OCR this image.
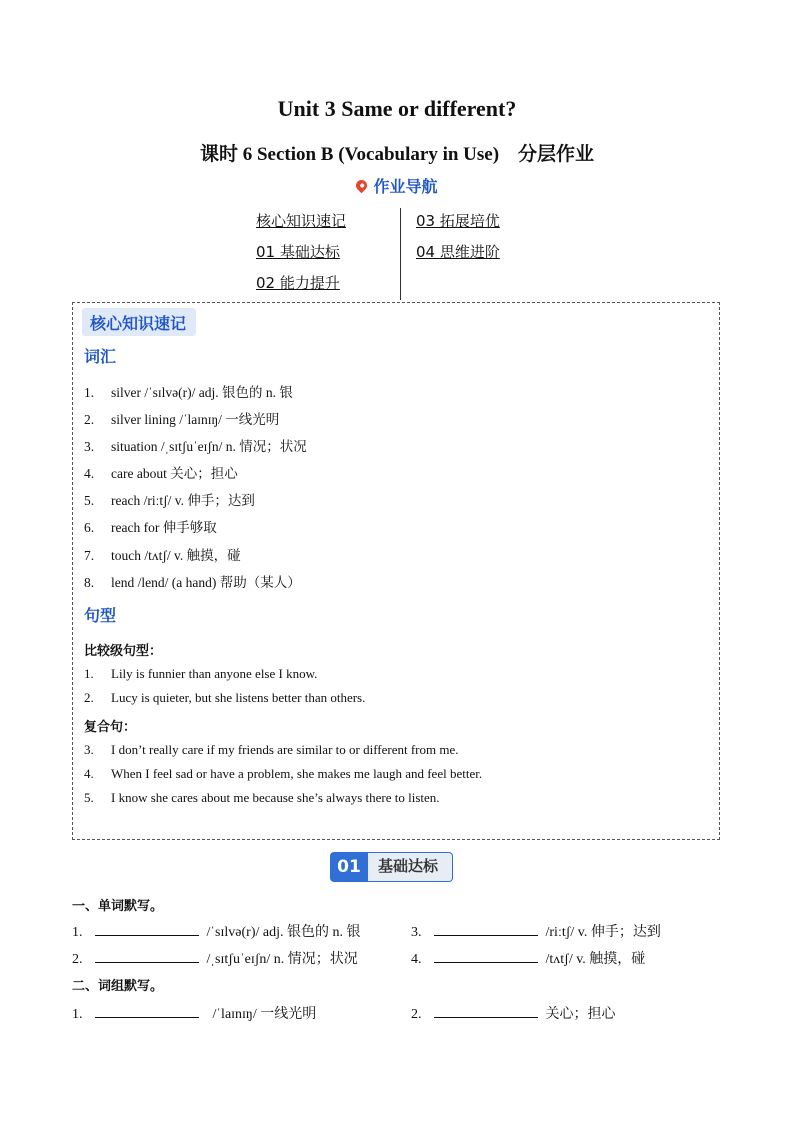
Unit 3 Same or different?
课时 6 Section B (Vocabulary in Use)　分层作业
作业导航
核心知识速记
01 基础达标
02 能力提升
03 拓展培优
04 思维进阶
核心知识速记
词汇
1. silver /ˈsɪlvə(r)/ adj. 银色的 n. 银
2. silver lining /ˈlaɪnɪŋ/ 一线光明
3. situation /ˌsɪtʃuˈeɪʃn/ n. 情况；状况
4. care about 关心；担心
5. reach /riːtʃ/ v. 伸手；达到
6. reach for 伸手够取
7. touch /tʌtʃ/ v. 触摸，碰
8. lend /lend/ (a hand) 帮助（某人）
句型
比较级句型：
1. Lily is funnier than anyone else I know.
2. Lucy is quieter, but she listens better than others.
复合句：
3. I don’t really care if my friends are similar to or different from me.
4. When I feel sad or have a problem, she makes me laugh and feel better.
5. I know she cares about me because she’s always there to listen.
01	基础达标
一、单词默写。
1.	/ˈsɪlvə(r)/ adj. 银色的 n. 银	3.	/riːtʃ/ v. 伸手；达到
2.	/ˌsɪtʃuˈeɪʃn/ n. 情况；状况	4.	/tʌtʃ/ v. 触摸，碰
二、词组默写。
1.	/ˈlaɪnɪŋ/ 一线光明	2.	关心；担心
